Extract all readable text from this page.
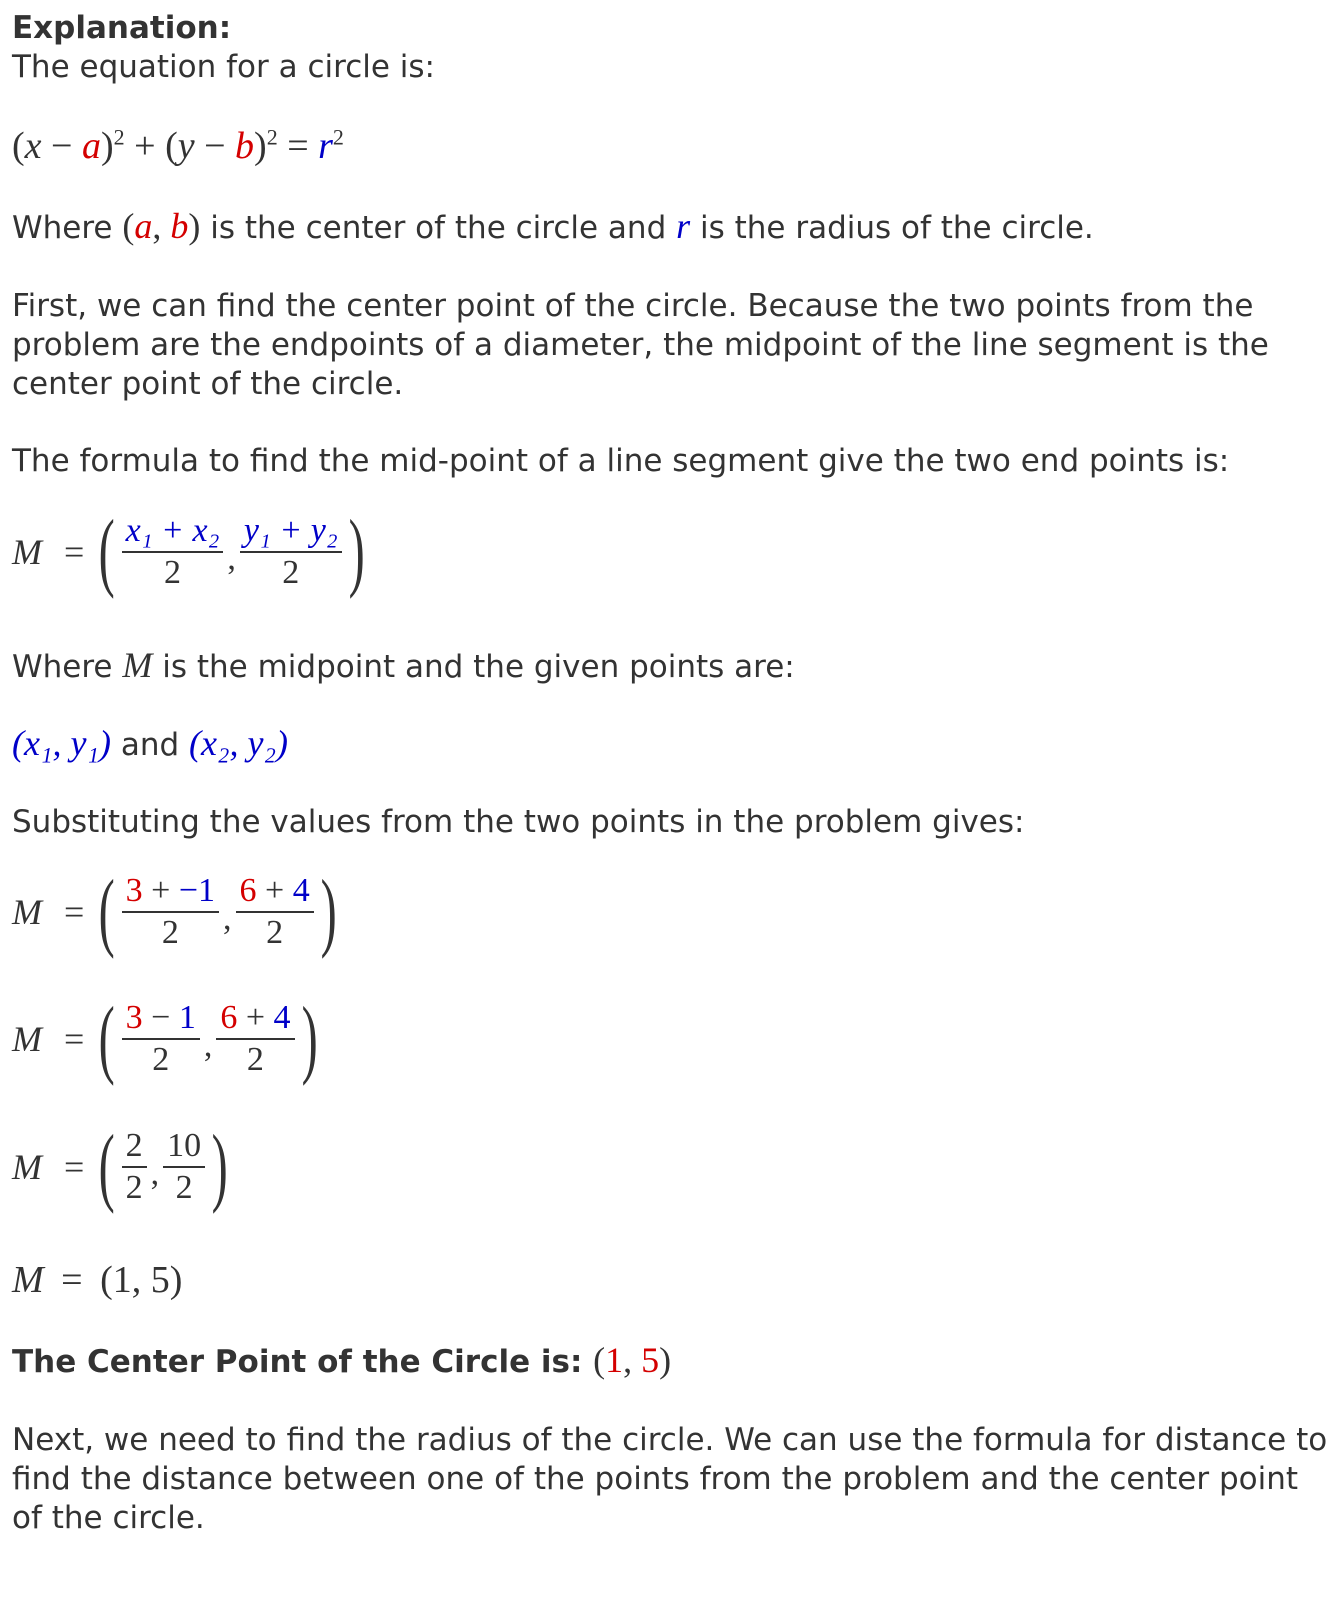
Explanation:
The equation for a circle is:
$(x - a)^2 + (y - b)^2 = r^2$
Where (a, b) is the center of the circle and r is the radius of the circle.
First, we can find the center point of the circle. Because the two points from the
problem are the endpoints of a diameter, the midpoint of the line segment is the
center point of the circle.
The formula to find the mid-point of a line segment give the two end points is:
M = ( $\frac{\text{x₁ + x₂}}{2}$ , $\frac{\text{y₁ + y₂}}{2}$ )
Where M is the midpoint and the given points are:
(x₁, y₁) and (x₂, y₂)
Substituting the values from the two points in the problem gives:
M = ( $\frac{3 + -1}{2}$ , $\frac{6 + 4}{2}$ )
M = ( $\frac{3 - 1}{2}$ , $\frac{6 + 4}{2}$ )
M = ( $\frac{2}{2}$ , $\frac{10}{2}$ )
M = (1, 5)
The Center Point of the Circle is: (1, 5)
Next, we need to find the radius of the circle. We can use the formula for distance to
find the distance between one of the points from the problem and the center point
of the circle.
